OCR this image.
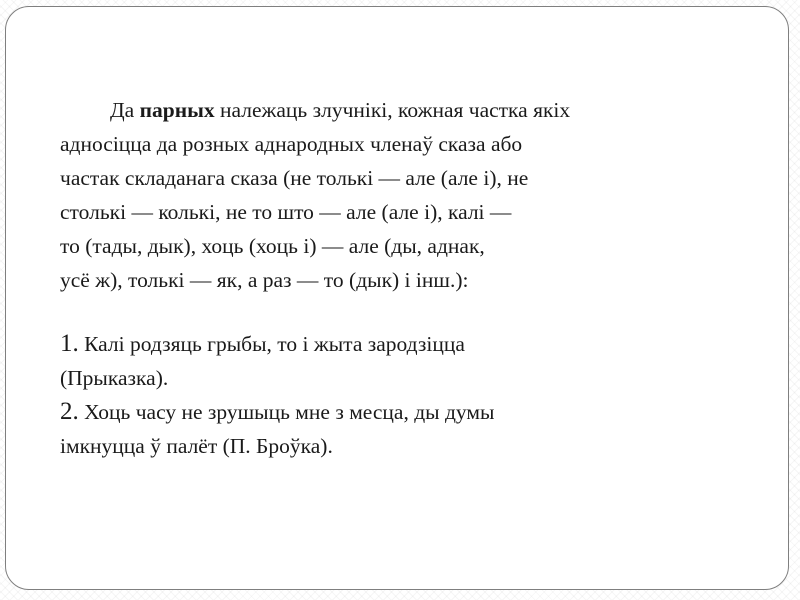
Да парных належаць злучнікі, кожная частка якіх
адносіцца да розных аднародных членаў сказа або
частак складанага сказа (не толькі — але (але і), не
столькі — колькі, не то што — але (але і), калі —
то (тады, дык), хоць (хоць і) — але (ды, аднак,
усё ж), толькі — як, а раз — то (дык) і інш.):

1. Калі родзяць грыбы, то і жыта зародзіцца
(Прыказка).
2. Хоць часу не зрушыць мне з месца, ды думы
імкнуцца ў палёт (П. Броўка).
